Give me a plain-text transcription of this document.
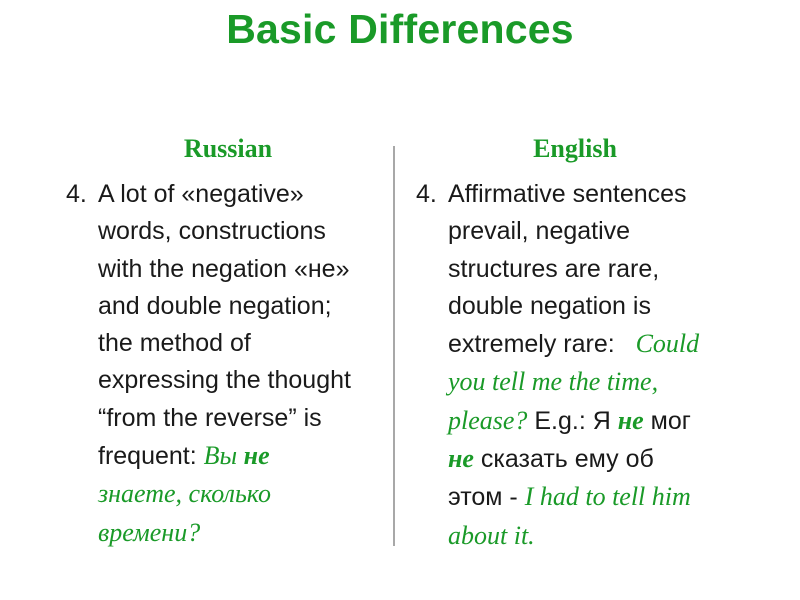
Basic Differences
Russian	English
4. A lot of «negative»
words, constructions
with the negation «не»
and double negation;
the method of
expressing the thought
“from the reverse” is
frequent: Вы не
знаете, сколько
времени?
4. Affirmative sentences
prevail, negative
structures are rare,
double negation is
extremely rare:   Could
you tell me the time,
please? E.g.: Я не мог
не сказать ему об
этом - I had to tell him
about it.
